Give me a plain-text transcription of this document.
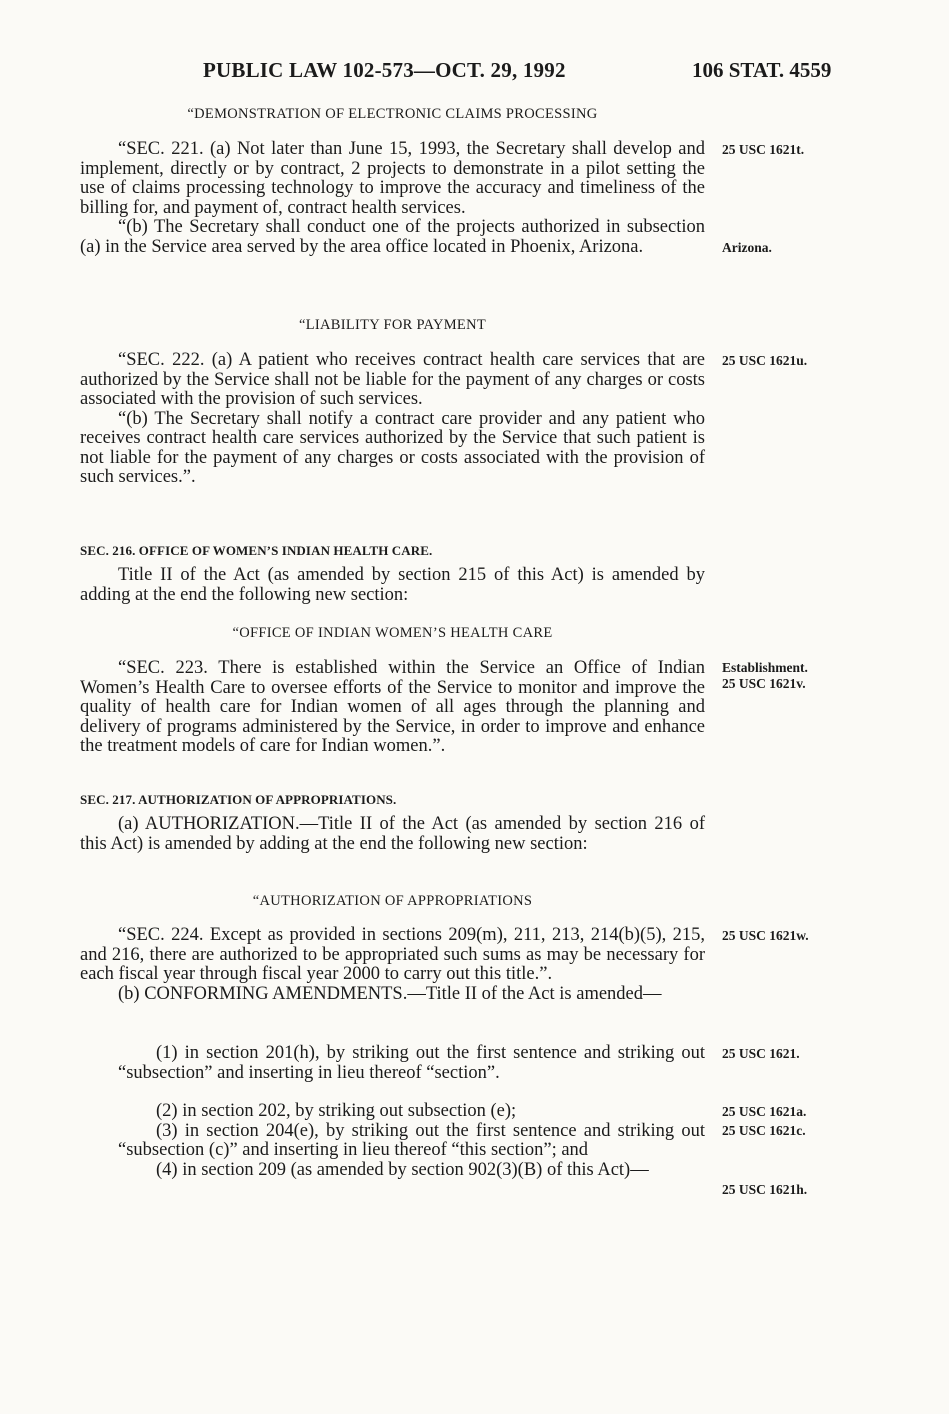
PUBLIC LAW 102-573—OCT. 29, 1992	106 STAT. 4559
“DEMONSTRATION OF ELECTRONIC CLAIMS PROCESSING

“SEC. 221. (a) Not later than June 15, 1993, the Secretary shall develop and implement, directly or by contract, 2 projects to demonstrate in a pilot setting the use of claims processing technology to improve the accuracy and timeliness of the billing for, and payment of, contract health services.

“(b) The Secretary shall conduct one of the projects authorized in subsection (a) in the Service area served by the area office located in Phoenix, Arizona.

25 USC 1621t.
Arizona.
“LIABILITY FOR PAYMENT

“SEC. 222. (a) A patient who receives contract health care services that are authorized by the Service shall not be liable for the payment of any charges or costs associated with the provision of such services.

“(b) The Secretary shall notify a contract care provider and any patient who receives contract health care services authorized by the Service that such patient is not liable for the payment of any charges or costs associated with the provision of such services.”.

25 USC 1621u.
SEC. 216. OFFICE OF WOMEN’S INDIAN HEALTH CARE.

Title II of the Act (as amended by section 215 of this Act) is amended by adding at the end the following new section:

“OFFICE OF INDIAN WOMEN’S HEALTH CARE

“SEC. 223. There is established within the Service an Office of Indian Women’s Health Care to oversee efforts of the Service to monitor and improve the quality of health care for Indian women of all ages through the planning and delivery of programs administered by the Service, in order to improve and enhance the treatment models of care for Indian women.”.

Establishment.
25 USC 1621v.
SEC. 217. AUTHORIZATION OF APPROPRIATIONS.

(a) AUTHORIZATION.—Title II of the Act (as amended by section 216 of this Act) is amended by adding at the end the following new section:

“AUTHORIZATION OF APPROPRIATIONS

“SEC. 224. Except as provided in sections 209(m), 211, 213, 214(b)(5), 215, and 216, there are authorized to be appropriated such sums as may be necessary for each fiscal year through fiscal year 2000 to carry out this title.”.

(b) CONFORMING AMENDMENTS.—Title II of the Act is amended—

25 USC 1621w.

(1) in section 201(h), by striking out the first sentence and striking out “subsection” and inserting in lieu thereof “section”.

(2) in section 202, by striking out subsection (e);

(3) in section 204(e), by striking out the first sentence and striking out “subsection (c)” and inserting in lieu thereof “this section”; and

(4) in section 209 (as amended by section 902(3)(B) of this Act)—

25 USC 1621.
25 USC 1621a.
25 USC 1621c.
25 USC 1621h.
